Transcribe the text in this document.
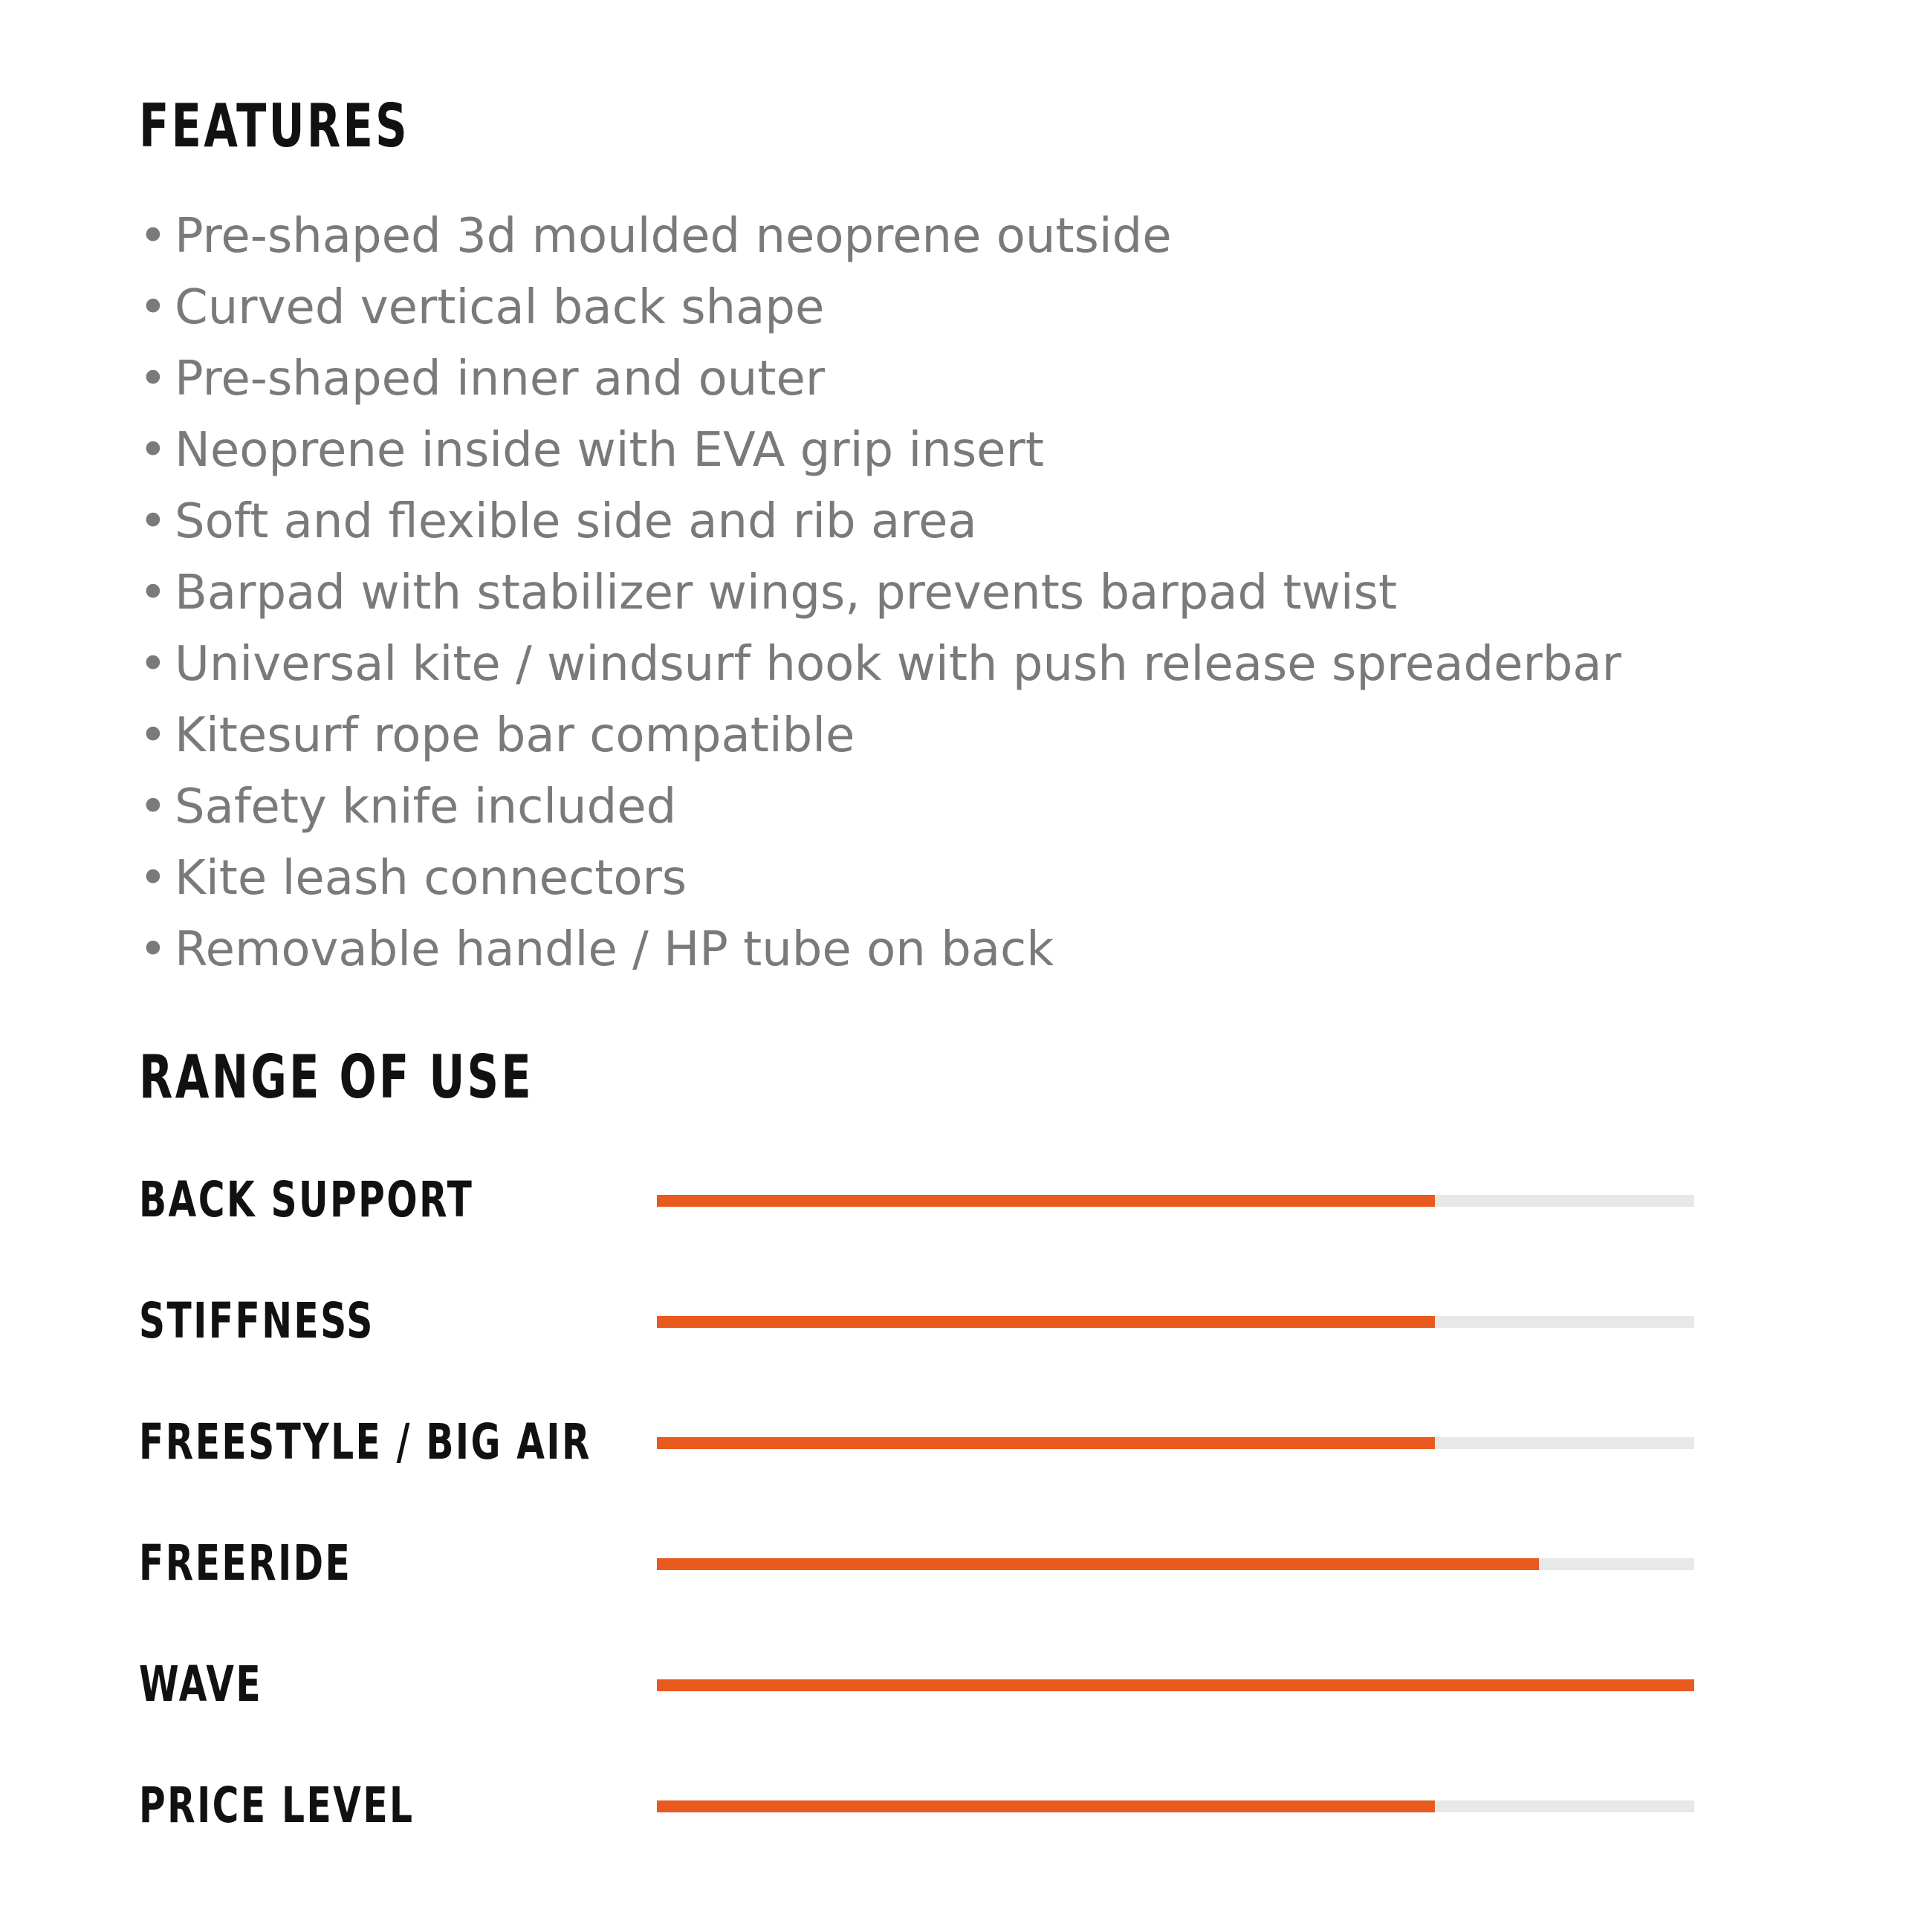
FEATURES
• Pre-shaped 3d moulded neoprene outside
• Curved vertical back shape
• Pre-shaped inner and outer
• Neoprene inside with EVA grip insert
• Soft and flexible side and rib area
• Barpad with stabilizer wings, prevents barpad twist
• Universal kite / windsurf hook with push release spreaderbar
• Kitesurf rope bar compatible
• Safety knife included
• Kite leash connectors
• Removable handle / HP tube on back
RANGE OF USE
BACK SUPPORT
STIFFNESS
FREESTYLE / BIG AIR
FREERIDE
WAVE
PRICE LEVEL
